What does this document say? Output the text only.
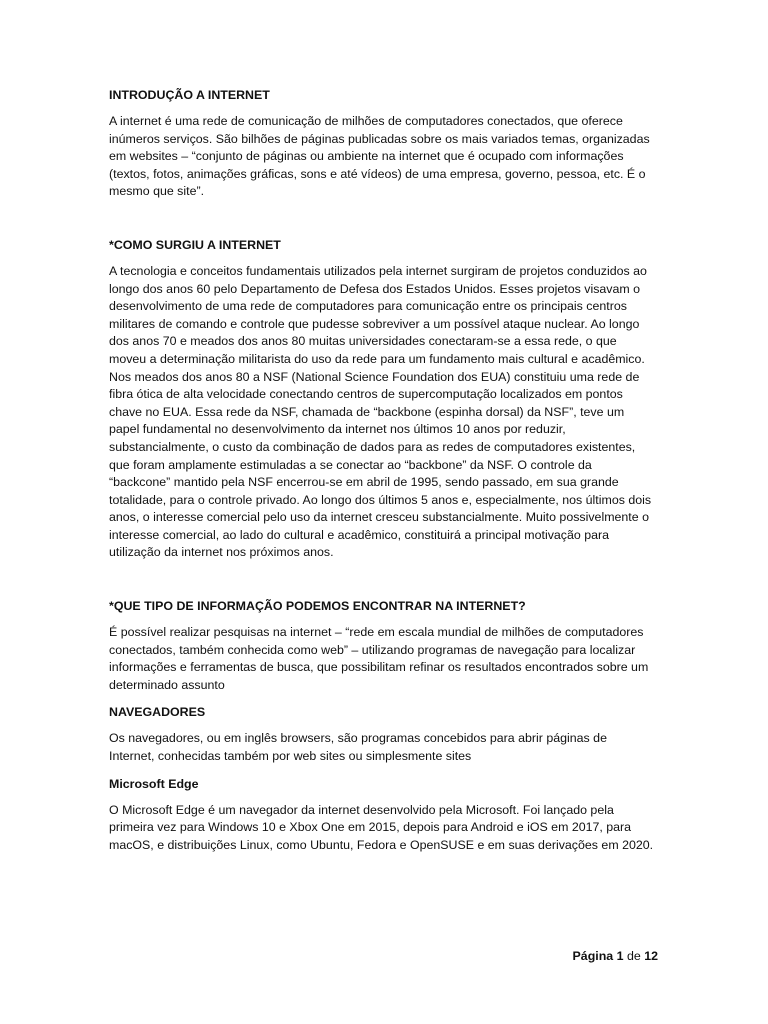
INTRODUÇÃO A INTERNET
A internet é uma rede de comunicação de milhões de computadores conectados, que oferece inúmeros serviços. São bilhões de páginas publicadas sobre os mais variados temas, organizadas em websites – “conjunto de páginas ou ambiente na internet que é ocupado com informações (textos, fotos, animações gráficas, sons e até vídeos) de uma empresa, governo, pessoa, etc. É o mesmo que site”.
*COMO SURGIU A INTERNET
A tecnologia e conceitos fundamentais utilizados pela internet surgiram de projetos conduzidos ao longo dos anos 60 pelo Departamento de Defesa dos Estados Unidos. Esses projetos visavam o desenvolvimento de uma rede de computadores para comunicação entre os principais centros militares de comando e controle que pudesse sobreviver a um possível ataque nuclear. Ao longo dos anos 70 e meados dos anos 80 muitas universidades conectaram-se a essa rede, o que moveu a determinação militarista do uso da rede para um fundamento mais cultural e acadêmico. Nos meados dos anos 80 a NSF (National Science Foundation dos EUA) constituiu uma rede de fibra ótica de alta velocidade conectando centros de supercomputação localizados em pontos chave no EUA. Essa rede da NSF, chamada de “backbone (espinha dorsal) da NSF”, teve um papel fundamental no desenvolvimento da internet nos últimos 10 anos por reduzir, substancialmente, o custo da combinação de dados para as redes de computadores existentes, que foram amplamente estimuladas a se conectar ao “backbone” da NSF. O controle da “backcone” mantido pela NSF encerrou-se em abril de 1995, sendo passado, em sua grande totalidade, para o controle privado. Ao longo dos últimos 5 anos e, especialmente, nos últimos dois anos, o interesse comercial pelo uso da internet cresceu substancialmente. Muito possivelmente o interesse comercial, ao lado do cultural e acadêmico, constituirá a principal motivação para utilização da internet nos próximos anos.
*QUE TIPO DE INFORMAÇÃO PODEMOS ENCONTRAR NA INTERNET?
É possível realizar pesquisas na internet – “rede em escala mundial de milhões de computadores conectados, também conhecida como web” – utilizando programas de navegação para localizar informações e ferramentas de busca, que possibilitam refinar os resultados encontrados sobre um determinado assunto
NAVEGADORES
Os navegadores, ou em inglês browsers, são programas concebidos para abrir páginas de Internet, conhecidas também por web sites ou simplesmente sites
Microsoft Edge
O Microsoft Edge é um navegador da internet desenvolvido pela Microsoft. Foi lançado pela primeira vez para Windows 10 e Xbox One em 2015, depois para Android e iOS em 2017, para macOS, e distribuições Linux, como Ubuntu, Fedora e OpenSUSE e em suas derivações em 2020.
Página 1 de 12
